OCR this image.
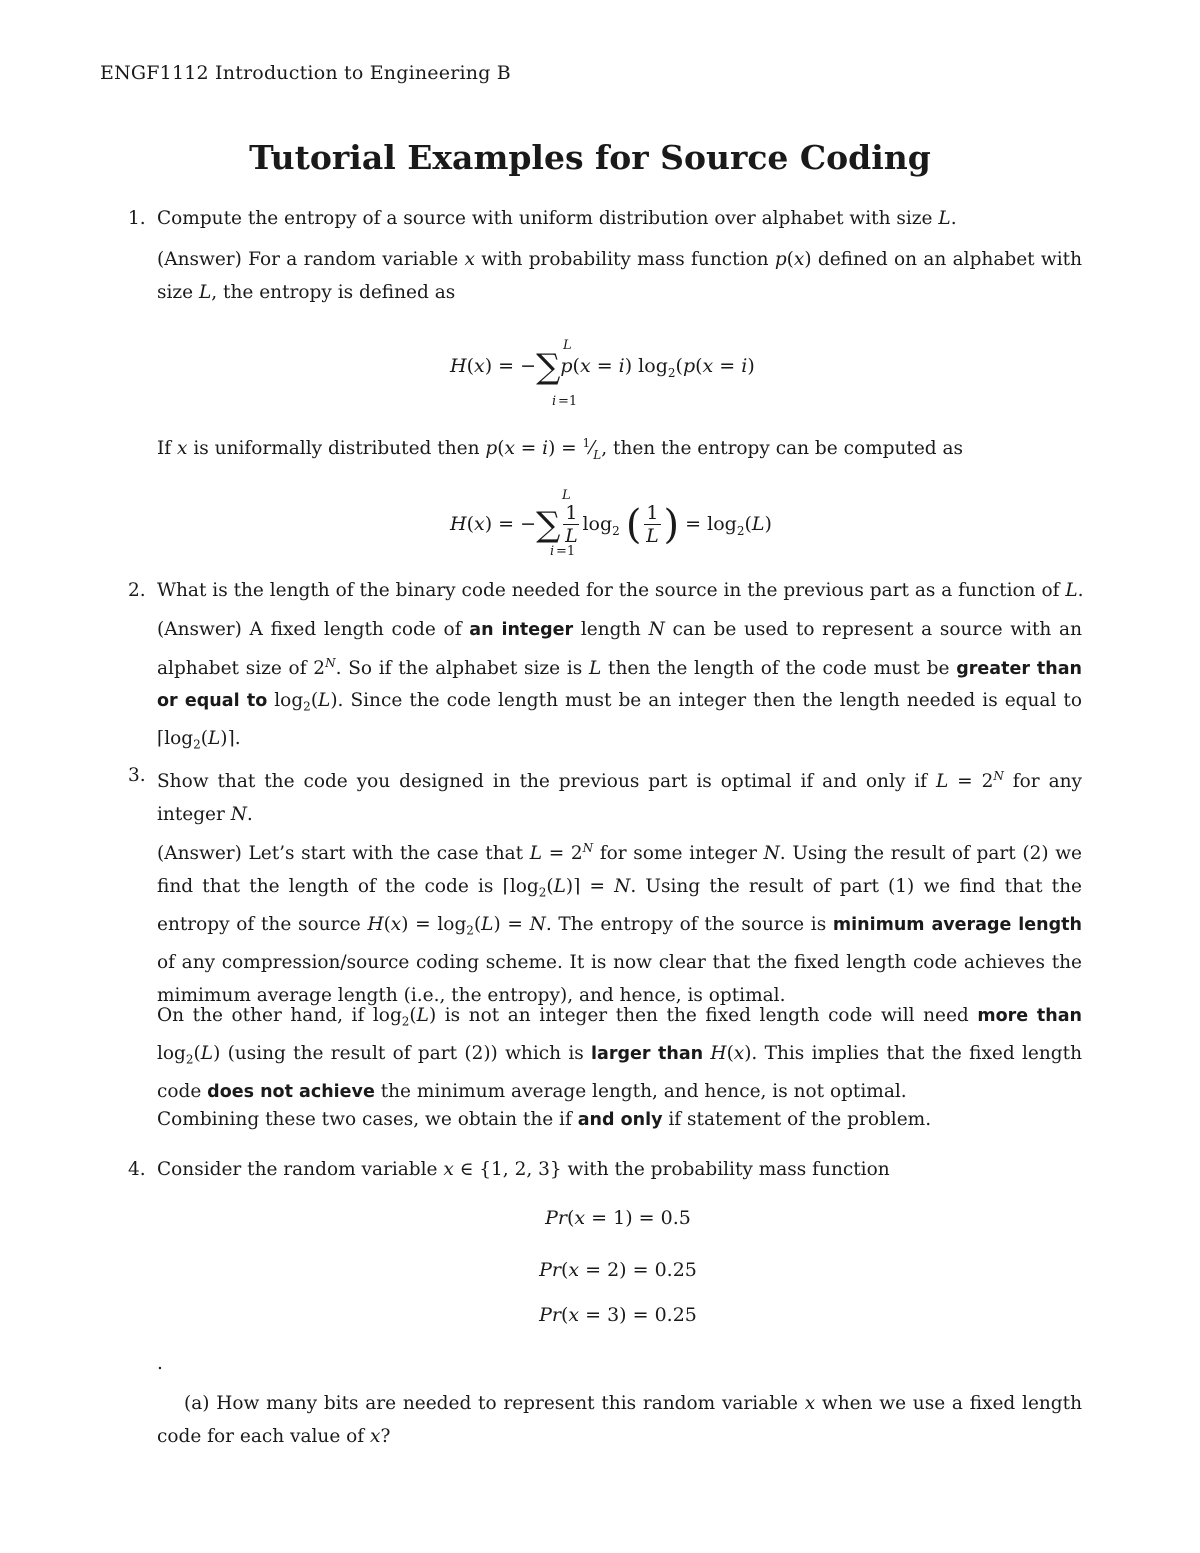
ENGF1112 Introduction to Engineering B
Tutorial Examples for Source Coding
1. Compute the entropy of a source with uniform distribution over alphabet with size L.
(Answer) For a random variable x with probability mass function p(x) defined on an alphabet with size L, the entropy is defined as
L
i =1
H(x) = −∑p(x = i) $\log_2(p(x = i)$
If x is uniformally distributed then $p(x = i) = ^1⁄_L$, then the entropy can be computed as
L
i =1
H(x) = −∑ $\frac{1}{L} \log_2$ ( $\frac{1}{L}$ ) = $\log_2(L)$
2. What is the length of the binary code needed for the source in the previous part as a function of L.
(Answer) A fixed length code of an integer length N can be used to represent a source with an alphabet size of $2^N$. So if the alphabet size is L then the length of the code must be greater than or equal to $\log_2(L)$. Since the code length must be an integer then the length needed is equal to $⌈\log_2(L)⌉$.
3. Show that the code you designed in the previous part is optimal if and only if $L = 2^N$ for any integer N.
(Answer) Let’s start with the case that $L = 2^N$ for some integer N. Using the result of part (2) we find that the length of the code is $⌈\log_2(L)⌉ = N$. Using the result of part (1) we find that the entropy of the source $H(x) = \log_2(L) = N$. The entropy of the source is minimum average length of any compression/source coding scheme. It is now clear that the fixed length code achieves the mimimum average length (i.e., the entropy), and hence, is optimal.
On the other hand, if $\log_2(L)$ is not an integer then the fixed length code will need more than $\log_2(L)$ (using the result of part (2)) which is larger than H(x). This implies that the fixed length code does not achieve the minimum average length, and hence, is not optimal.
Combining these two cases, we obtain the if and only if statement of the problem.
4. Consider the random variable x ∈ {1, 2, 3} with the probability mass function
Pr(x = 1) = 0.5
Pr(x = 2) = 0.25
Pr(x = 3) = 0.25
.
(a) How many bits are needed to represent this random variable x when we use a fixed length code for each value of x?
